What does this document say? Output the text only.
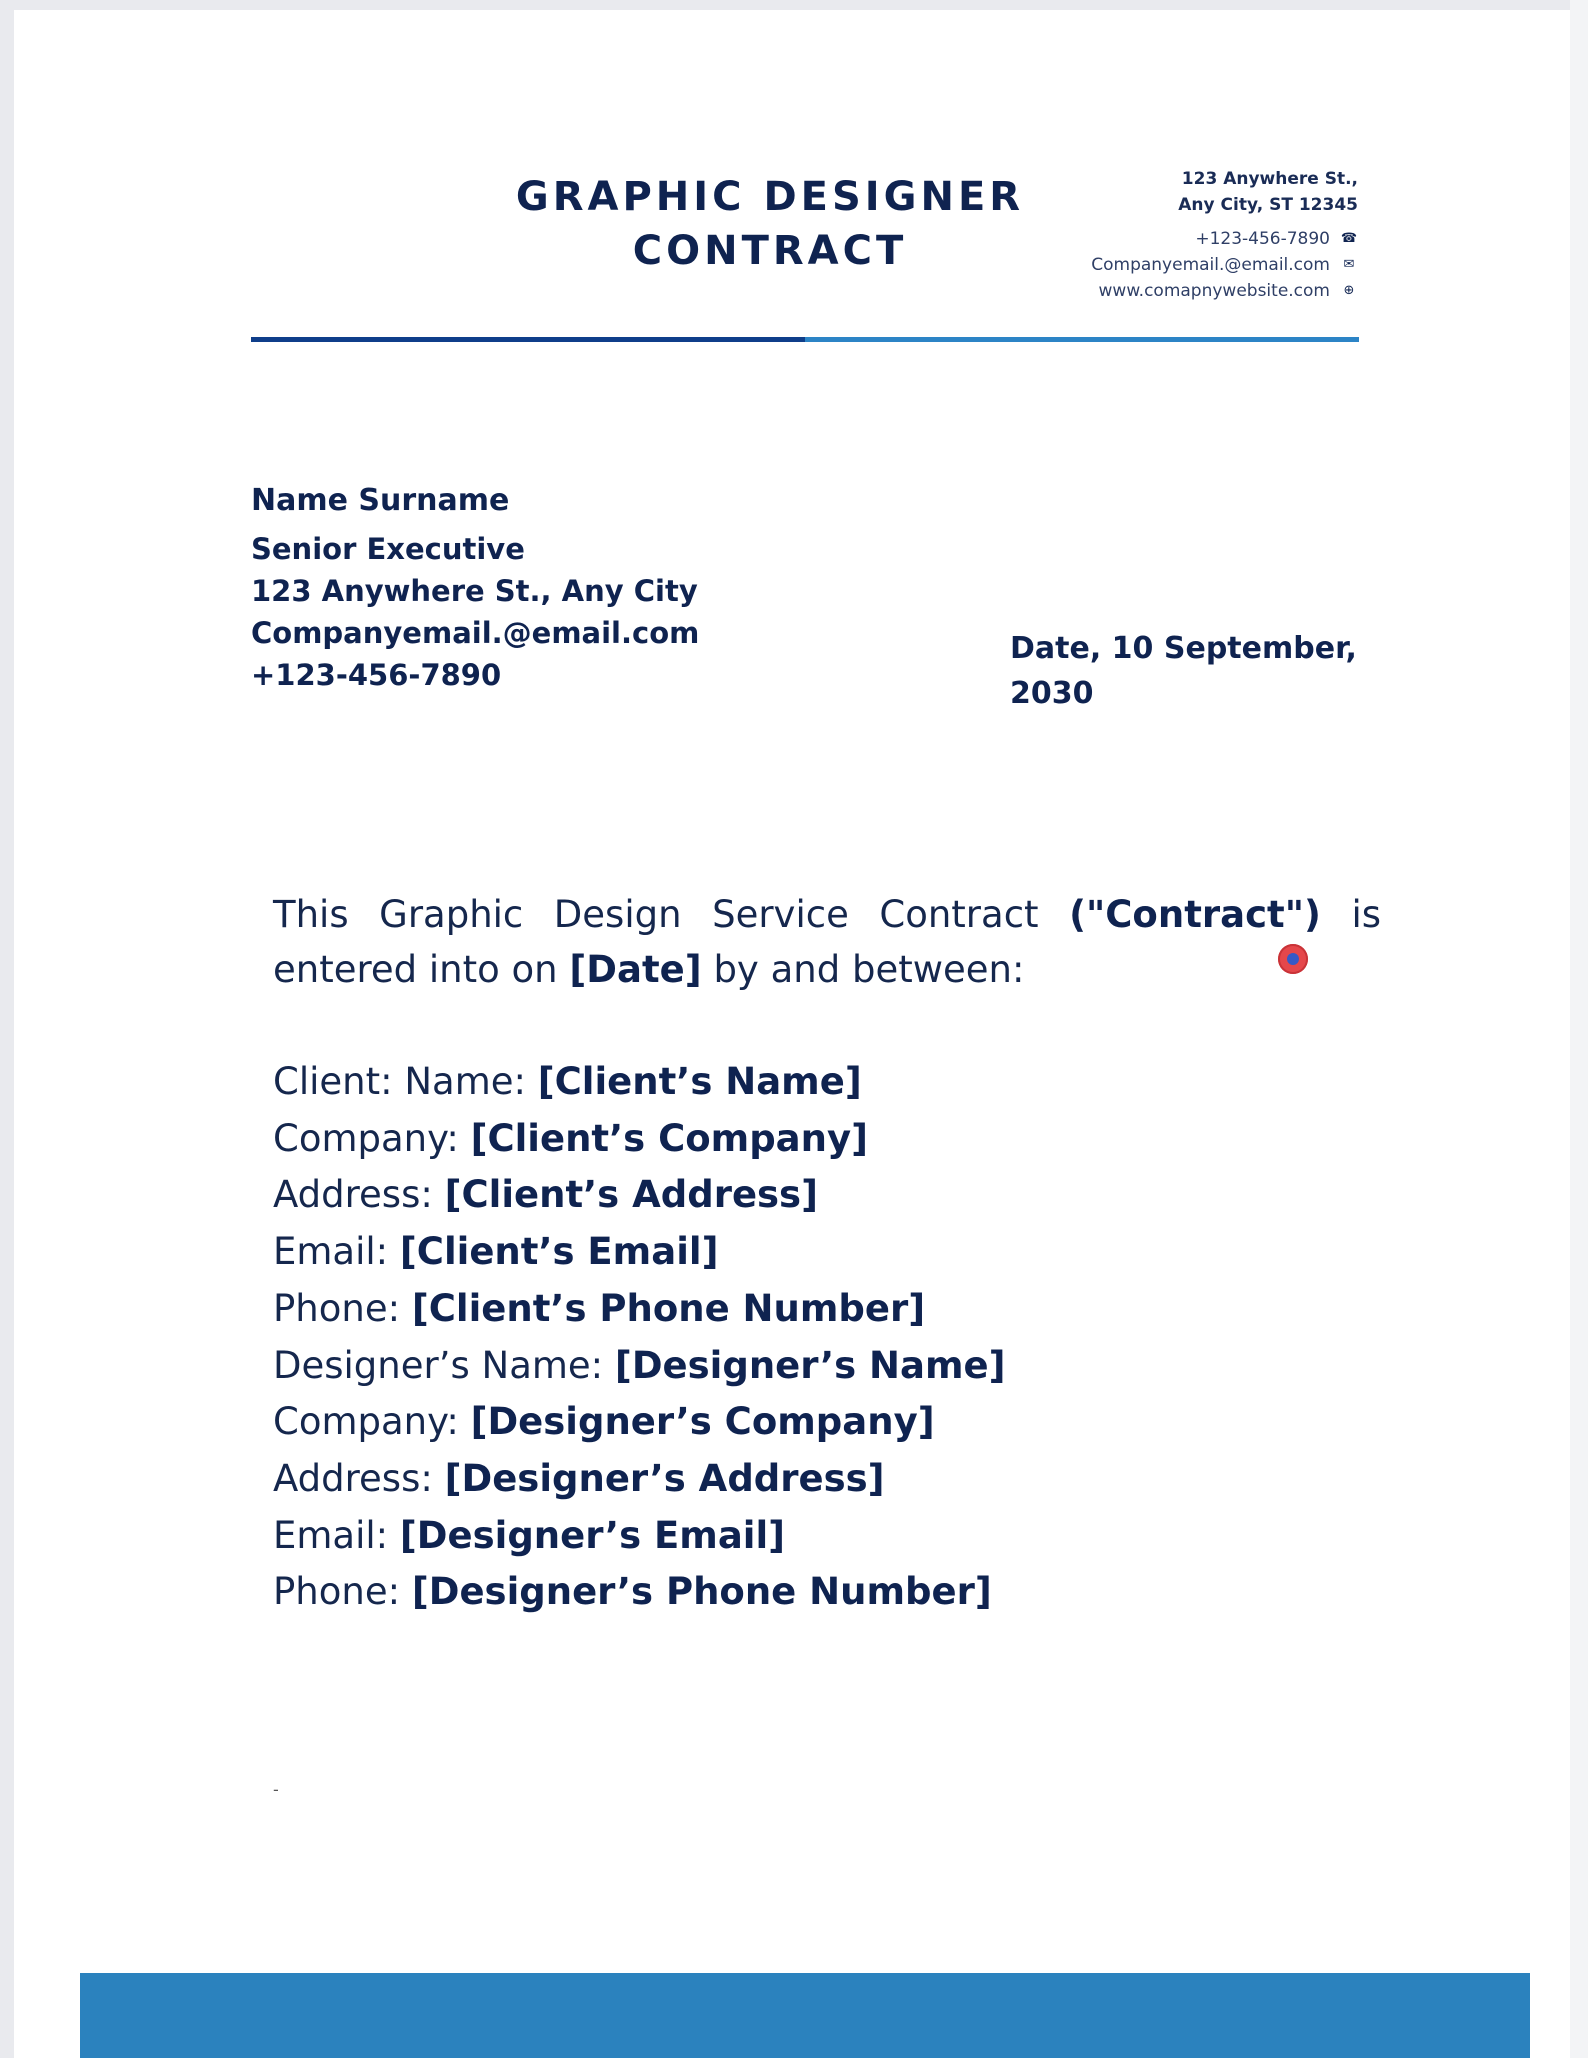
GRAPHIC DESIGNER
CONTRACT
123 Anywhere St.,
Any City, ST 12345
+123-456-7890 ☎
Companyemail.@email.com ✉
www.comapnywebsite.com ⊕
Name Surname
Senior Executive
123 Anywhere St., Any City
Companyemail.@email.com
+123-456-7890
Date, 10 September,
2030
This Graphic Design Service Contract ("Contract") is entered into on [Date] by and between:
Client: Name: [Client’s Name]
Company: [Client’s Company]
Address: [Client’s Address]
Email: [Client’s Email]
Phone: [Client’s Phone Number]
Designer’s Name: [Designer’s Name]
Company: [Designer’s Company]
Address: [Designer’s Address]
Email: [Designer’s Email]
Phone: [Designer’s Phone Number]
-
